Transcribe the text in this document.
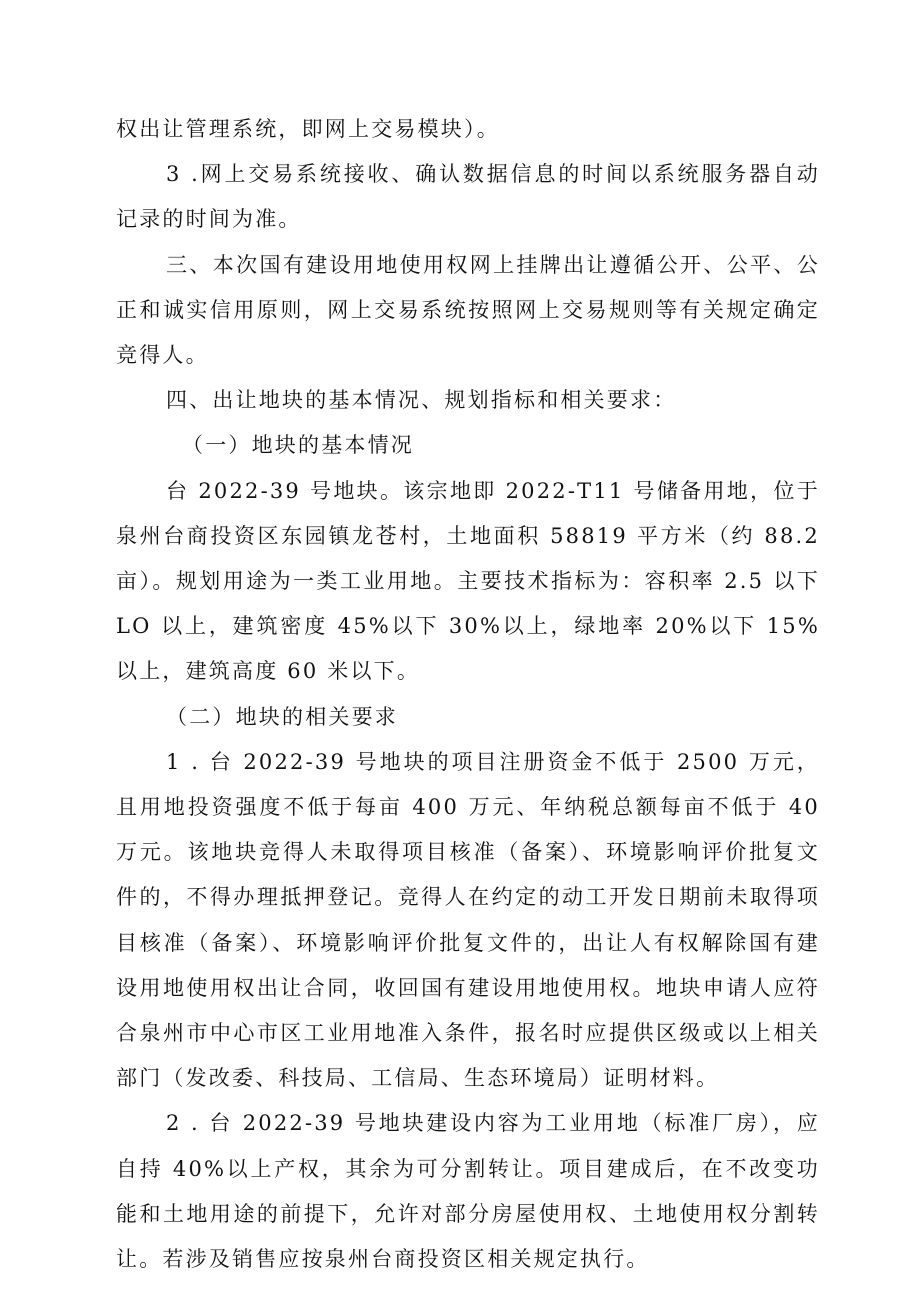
权出让管理系统，即网上交易模块）。

3 .网上交易系统接收、确认数据信息的时间以系统服务器自动记录的时间为准。

三、本次国有建设用地使用权网上挂牌出让遵循公开、公平、公正和诚实信用原则，网上交易系统按照网上交易规则等有关规定确定竞得人。

四、出让地块的基本情况、规划指标和相关要求：

（一）地块的基本情况

台 2022-39 号地块。该宗地即 2022-T11 号储备用地，位于泉州台商投资区东园镇龙苍村，土地面积 58819 平方米（约 88.2 亩）。规划用途为一类工业用地。主要技术指标为：容积率 2.5 以下 LO 以上，建筑密度 45%以下 30%以上，绿地率 20%以下 15%以上，建筑高度 60 米以下。

（二）地块的相关要求

1 . 台 2022-39 号地块的项目注册资金不低于 2500 万元，且用地投资强度不低于每亩 400 万元、年纳税总额每亩不低于 40 万元。该地块竞得人未取得项目核准（备案）、环境影响评价批复文件的，不得办理抵押登记。竞得人在约定的动工开发日期前未取得项目核准（备案）、环境影响评价批复文件的，出让人有权解除国有建设用地使用权出让合同，收回国有建设用地使用权。地块申请人应符合泉州市中心市区工业用地准入条件，报名时应提供区级或以上相关部门（发改委、科技局、工信局、生态环境局）证明材料。

2 . 台 2022-39 号地块建设内容为工业用地（标准厂房），应自持 40%以上产权，其余为可分割转让。项目建成后，在不改变功能和土地用途的前提下，允许对部分房屋使用权、土地使用权分割转让。若涉及销售应按泉州台商投资区相关规定执行。
